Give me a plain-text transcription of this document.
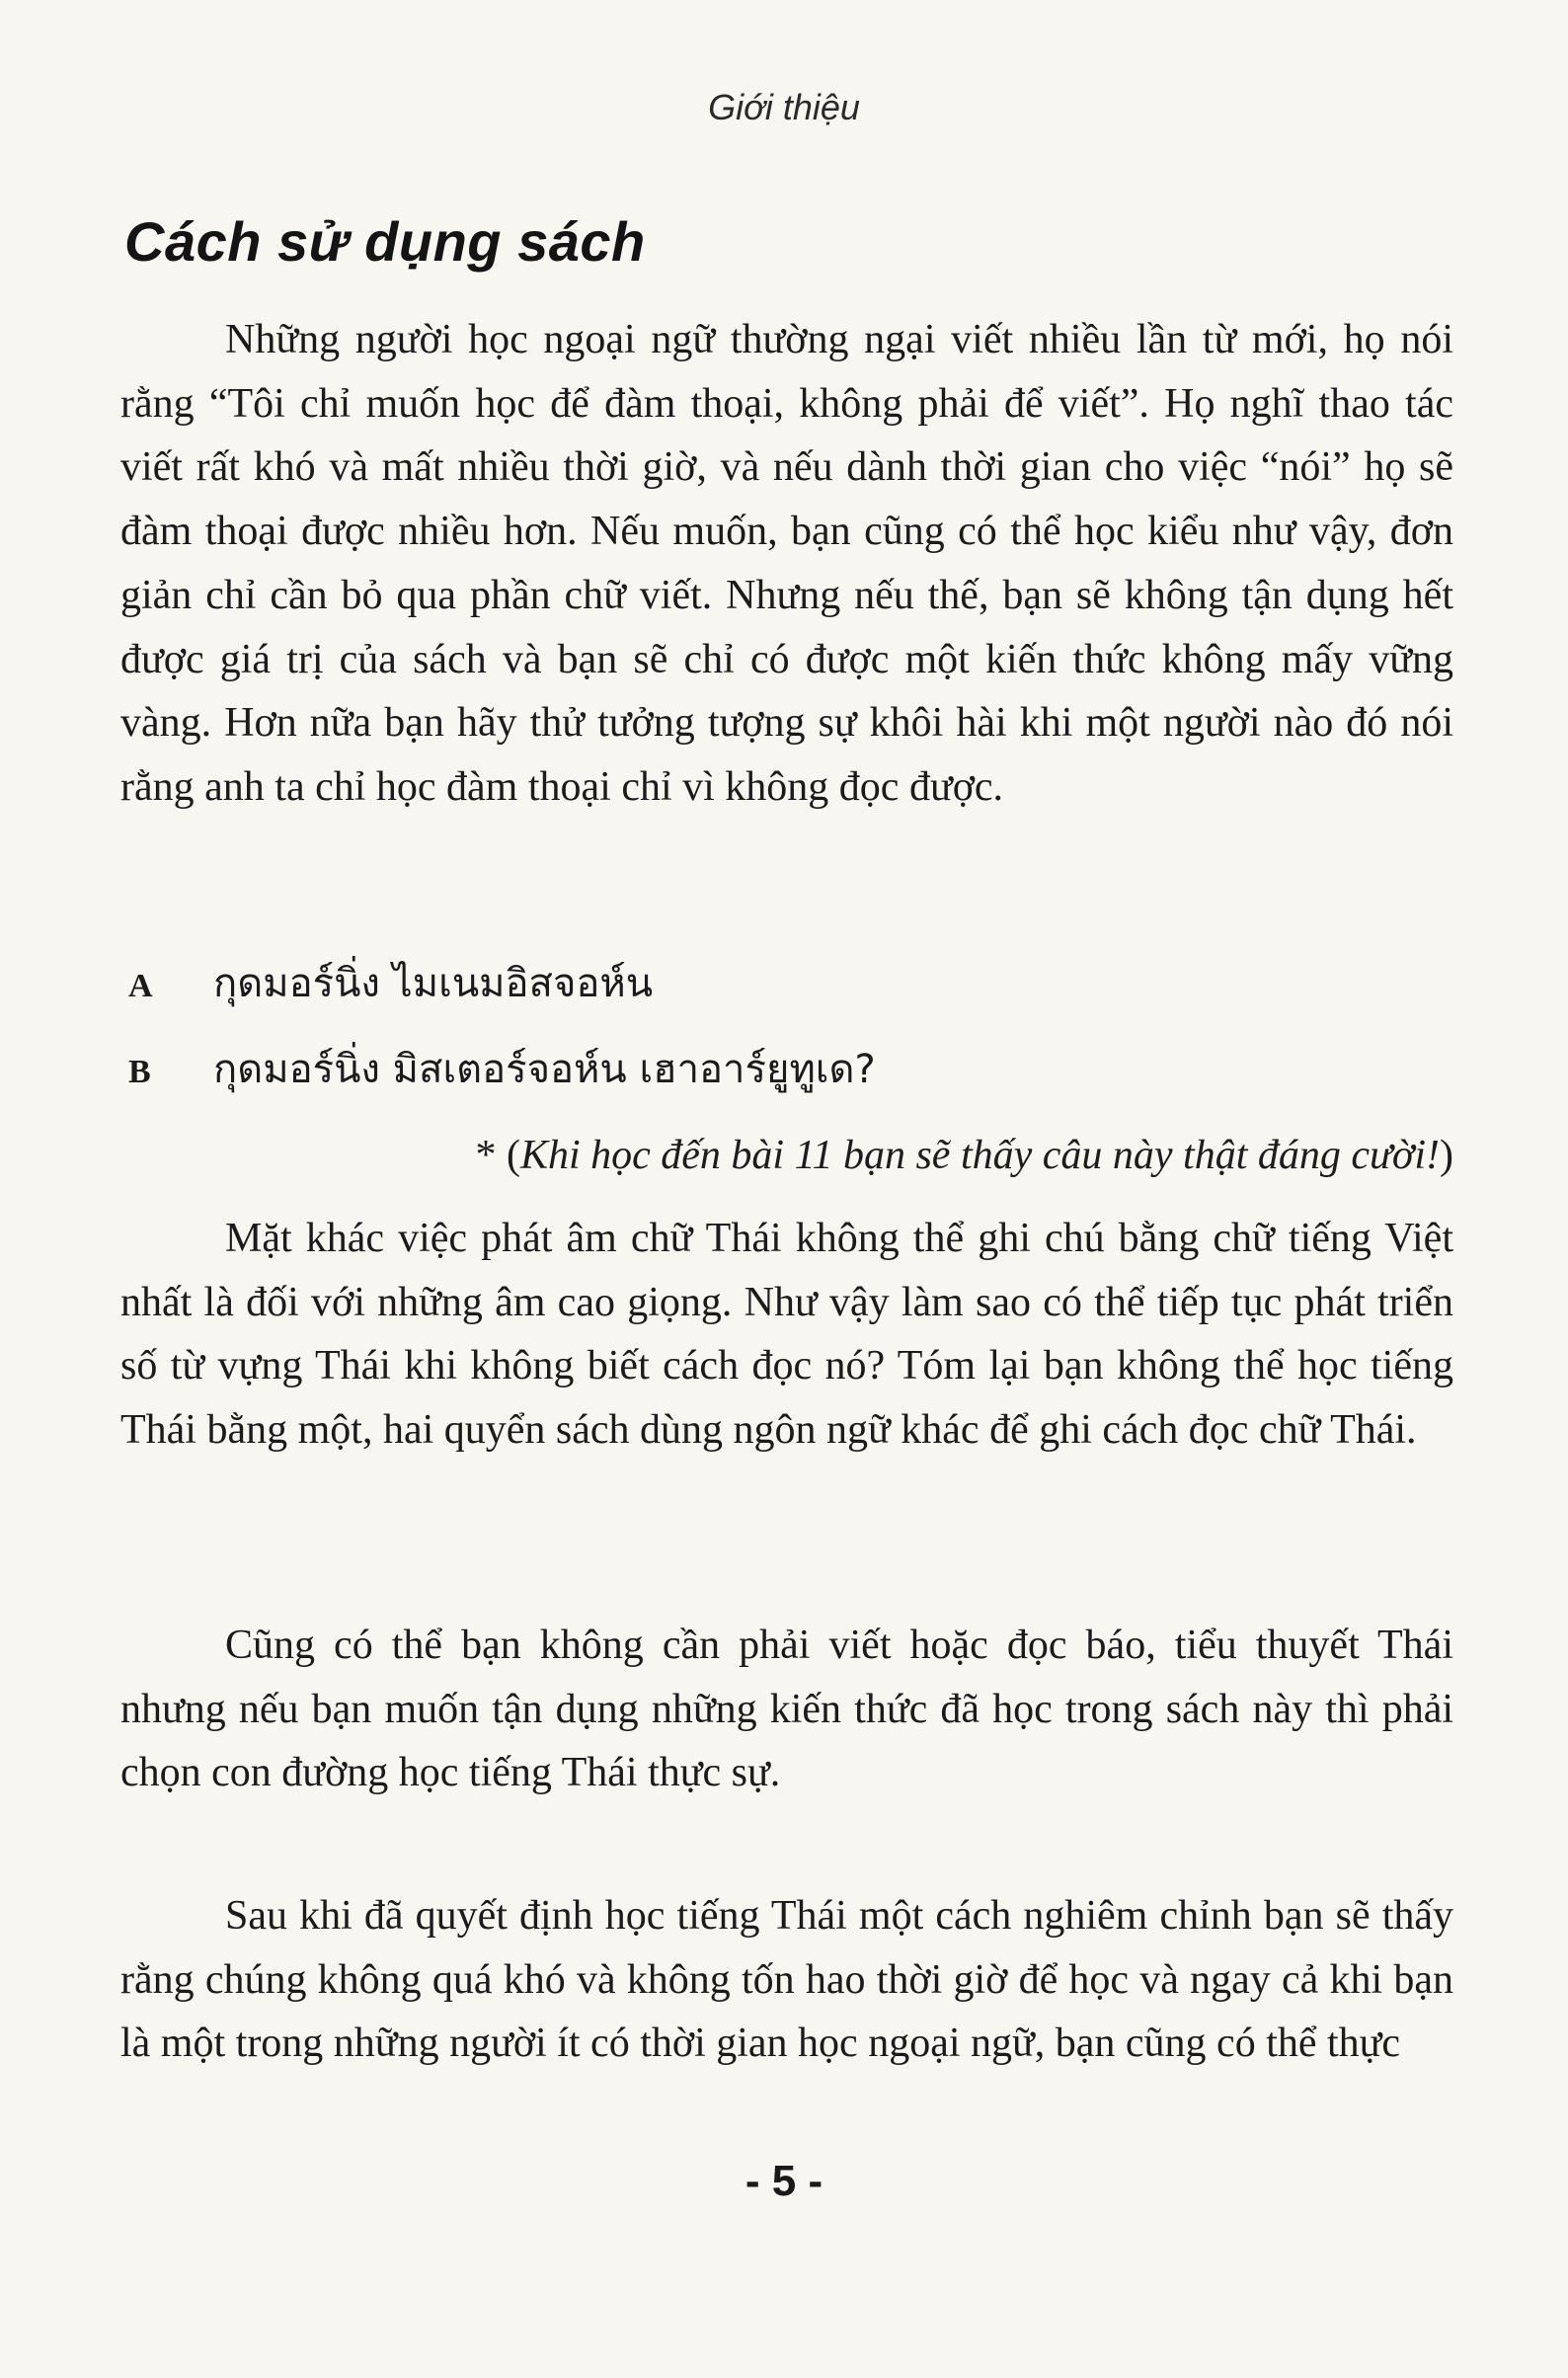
Giới thiệu
Cách sử dụng sách

Những người học ngoại ngữ thường ngại viết nhiều lần từ mới, họ nói rằng “Tôi chỉ muốn học để đàm thoại, không phải để viết”. Họ nghĩ thao tác viết rất khó và mất nhiều thời giờ, và nếu dành thời gian cho việc “nói” họ sẽ đàm thoại được nhiều hơn. Nếu muốn, bạn cũng có thể học kiểu như vậy, đơn giản chỉ cần bỏ qua phần chữ viết. Nhưng nếu thế, bạn sẽ không tận dụng hết được giá trị của sách và bạn sẽ chỉ có được một kiến thức không mấy vững vàng. Hơn nữa bạn hãy thử tưởng tượng sự khôi hài khi một người nào đó nói rằng anh ta chỉ học đàm thoại chỉ vì không đọc được.

A กุดมอร์นิ่ง ไมเนมอิสจอห์น
B กุดมอร์นิ่ง มิสเตอร์จอห์น เฮาอาร์ยูทูเด?
* (Khi học đến bài 11 bạn sẽ thấy câu này thật đáng cười!)

Mặt khác việc phát âm chữ Thái không thể ghi chú bằng chữ tiếng Việt nhất là đối với những âm cao giọng. Như vậy làm sao có thể tiếp tục phát triển số từ vựng Thái khi không biết cách đọc nó? Tóm lại bạn không thể học tiếng Thái bằng một, hai quyển sách dùng ngôn ngữ khác để ghi cách đọc chữ Thái.

Cũng có thể bạn không cần phải viết hoặc đọc báo, tiểu thuyết Thái nhưng nếu bạn muốn tận dụng những kiến thức đã học trong sách này thì phải chọn con đường học tiếng Thái thực sự.

Sau khi đã quyết định học tiếng Thái một cách nghiêm chỉnh bạn sẽ thấy rằng chúng không quá khó và không tốn hao thời giờ để học và ngay cả khi bạn là một trong những người ít có thời gian học ngoại ngữ, bạn cũng có thể thực

- 5 -
